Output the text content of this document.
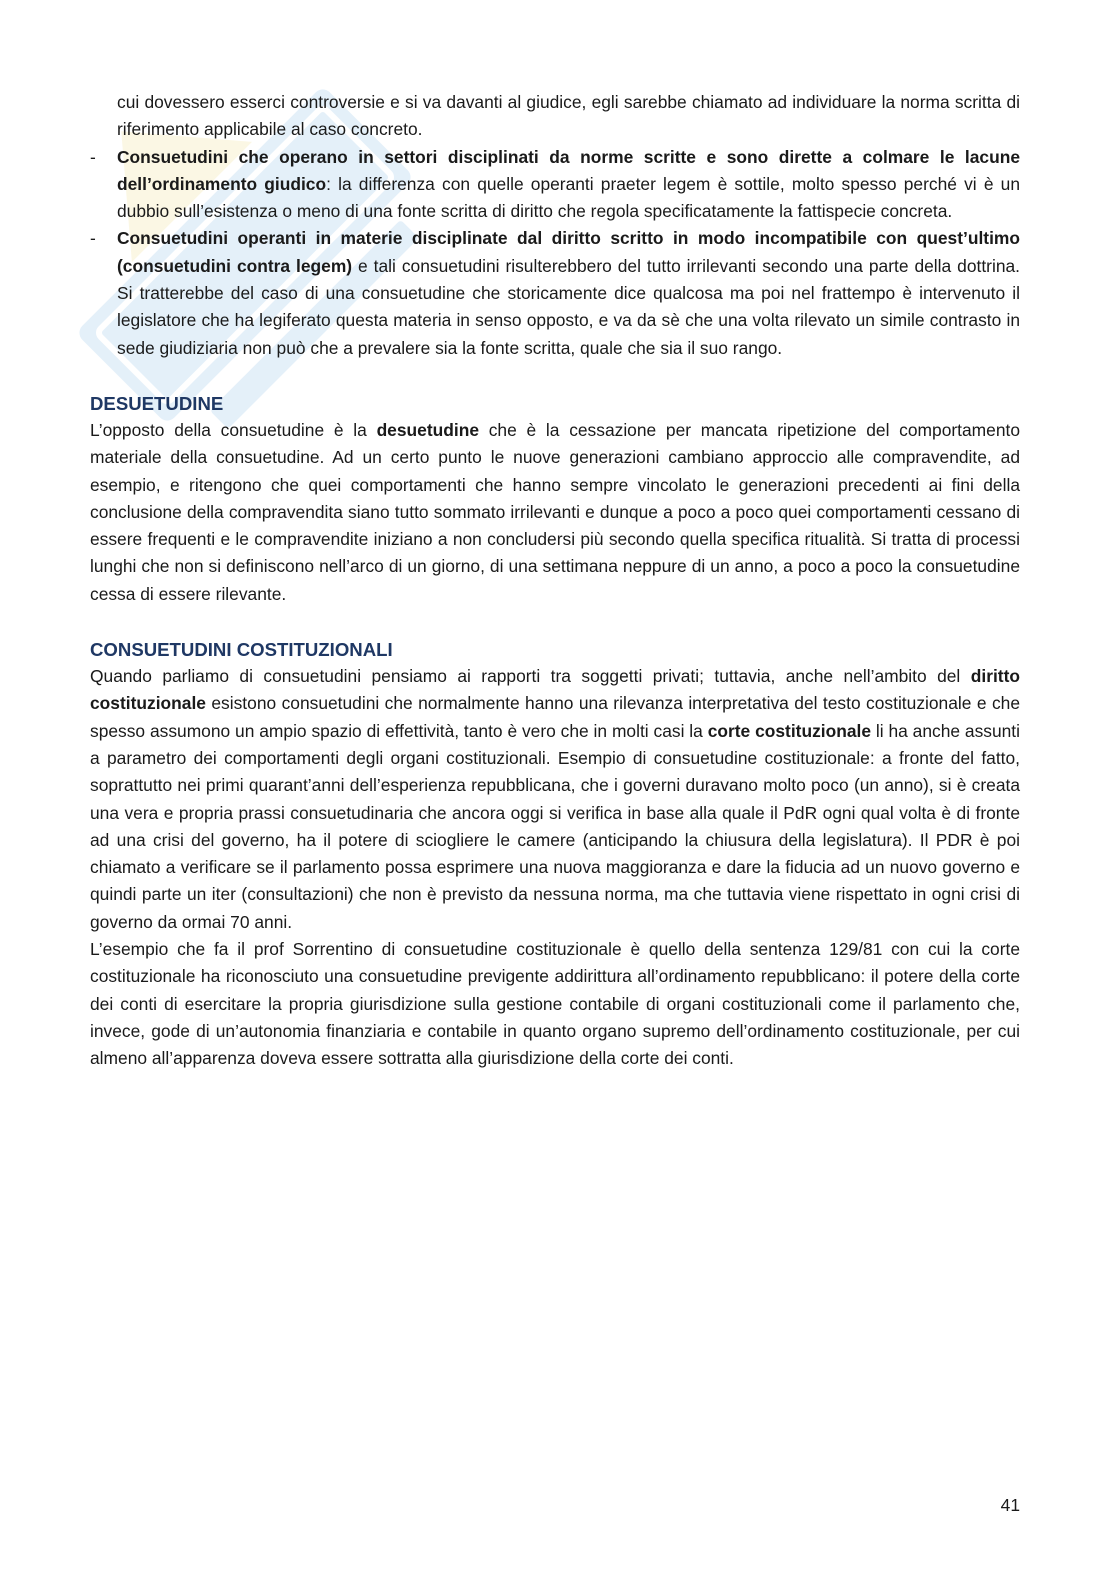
cui dovessero esserci controversie e si va davanti al giudice, egli sarebbe chiamato ad individuare la norma scritta di riferimento applicabile al caso concreto.

- Consuetudini che operano in settori disciplinati da norme scritte e sono dirette a colmare le lacune dell’ordinamento giudico: la differenza con quelle operanti praeter legem è sottile, molto spesso perché vi è un dubbio sull’esistenza o meno di una fonte scritta di diritto che regola specificatamente la fattispecie concreta.
- Consuetudini operanti in materie disciplinate dal diritto scritto in modo incompatibile con quest’ultimo (consuetudini contra legem) e tali consuetudini risulterebbero del tutto irrilevanti secondo una parte della dottrina. Si tratterebbe del caso di una consuetudine che storicamente dice qualcosa ma poi nel frattempo è intervenuto il legislatore che ha legiferato questa materia in senso opposto, e va da sè che una volta rilevato un simile contrasto in sede giudiziaria non può che a prevalere sia la fonte scritta, quale che sia il suo rango.
DESUETUDINE

L’opposto della consuetudine è la desuetudine che è la cessazione per mancata ripetizione del comportamento materiale della consuetudine. Ad un certo punto le nuove generazioni cambiano approccio alle compravendite, ad esempio, e ritengono che quei comportamenti che hanno sempre vincolato le generazioni precedenti ai fini della conclusione della compravendita siano tutto sommato irrilevanti e dunque a poco a poco quei comportamenti cessano di essere frequenti e le compravendite iniziano a non concludersi più secondo quella specifica ritualità. Si tratta di processi lunghi che non si definiscono nell’arco di un giorno, di una settimana neppure di un anno, a poco a poco la consuetudine cessa di essere rilevante.

CONSUETUDINI COSTITUZIONALI

Quando parliamo di consuetudini pensiamo ai rapporti tra soggetti privati; tuttavia, anche nell’ambito del diritto costituzionale esistono consuetudini che normalmente hanno una rilevanza interpretativa del testo costituzionale e che spesso assumono un ampio spazio di effettività, tanto è vero che in molti casi la corte costituzionale li ha anche assunti a parametro dei comportamenti degli organi costituzionali. Esempio di consuetudine costituzionale: a fronte del fatto, soprattutto nei primi quarant’anni dell’esperienza repubblicana, che i governi duravano molto poco (un anno), si è creata una vera e propria prassi consuetudinaria che ancora oggi si verifica in base alla quale il PdR ogni qual volta è di fronte ad una crisi del governo, ha il potere di sciogliere le camere (anticipando la chiusura della legislatura). Il PDR è poi chiamato a verificare se il parlamento possa esprimere una nuova maggioranza e dare la fiducia ad un nuovo governo e quindi parte un iter (consultazioni) che non è previsto da nessuna norma, ma che tuttavia viene rispettato in ogni crisi di governo da ormai 70 anni.

L’esempio che fa il prof Sorrentino di consuetudine costituzionale è quello della sentenza 129/81 con cui la corte costituzionale ha riconosciuto una consuetudine previgente addirittura all’ordinamento repubblicano: il potere della corte dei conti di esercitare la propria giurisdizione sulla gestione contabile di organi costituzionali come il parlamento che, invece, gode di un’autonomia finanziaria e contabile in quanto organo supremo dell’ordinamento costituzionale, per cui almeno all’apparenza doveva essere sottratta alla giurisdizione della corte dei conti.

41
